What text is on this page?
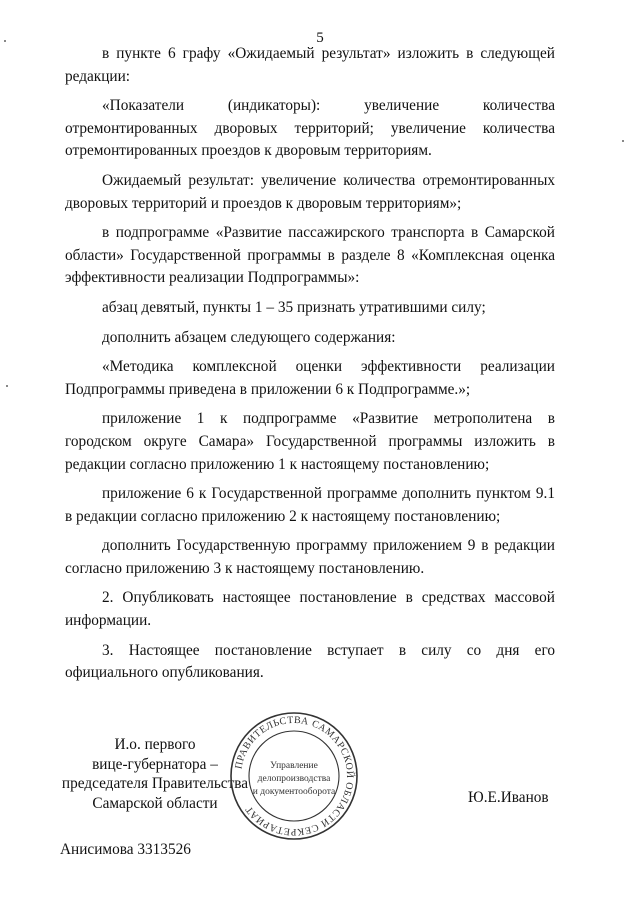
5

в пункте 6 графу «Ожидаемый результат» изложить в следующей редакции:

«Показатели (индикаторы): увеличение количества отремонтированных дворовых территорий; увеличение количества отремонтированных проездов к дворовым территориям.

Ожидаемый результат: увеличение количества отремонтированных дворовых территорий и проездов к дворовым территориям»;

в подпрограмме «Развитие пассажирского транспорта в Самарской области» Государственной программы в разделе 8 «Комплексная оценка эффективности реализации Подпрограммы»:

абзац девятый, пункты 1 – 35 признать утратившими силу;

дополнить абзацем следующего содержания:

«Методика комплексной оценки эффективности реализации Подпрограммы приведена в приложении 6 к Подпрограмме.»;

приложение 1 к подпрограмме «Развитие метрополитена в городском округе Самара» Государственной программы изложить в редакции согласно приложению 1 к настоящему постановлению;

приложение 6 к Государственной программе дополнить пунктом 9.1 в редакции согласно приложению 2 к настоящему постановлению;

дополнить Государственную программу приложением 9 в редакции согласно приложению 3 к настоящему постановлению.

2. Опубликовать настоящее постановление в средствах массовой информации.

3. Настоящее постановление вступает в силу со дня его официального опубликования.

И.о. первого
вице-губернатора –
председателя Правительства
Самарской области
ПРАВИТЕЛЬСТВА САМАРСКОЙ ОБЛАСТИ СЕКРЕТАРИАТ
Управление
делопроизводства
и документооборота	Ю.Е.Иванов
Анисимова 3313526
